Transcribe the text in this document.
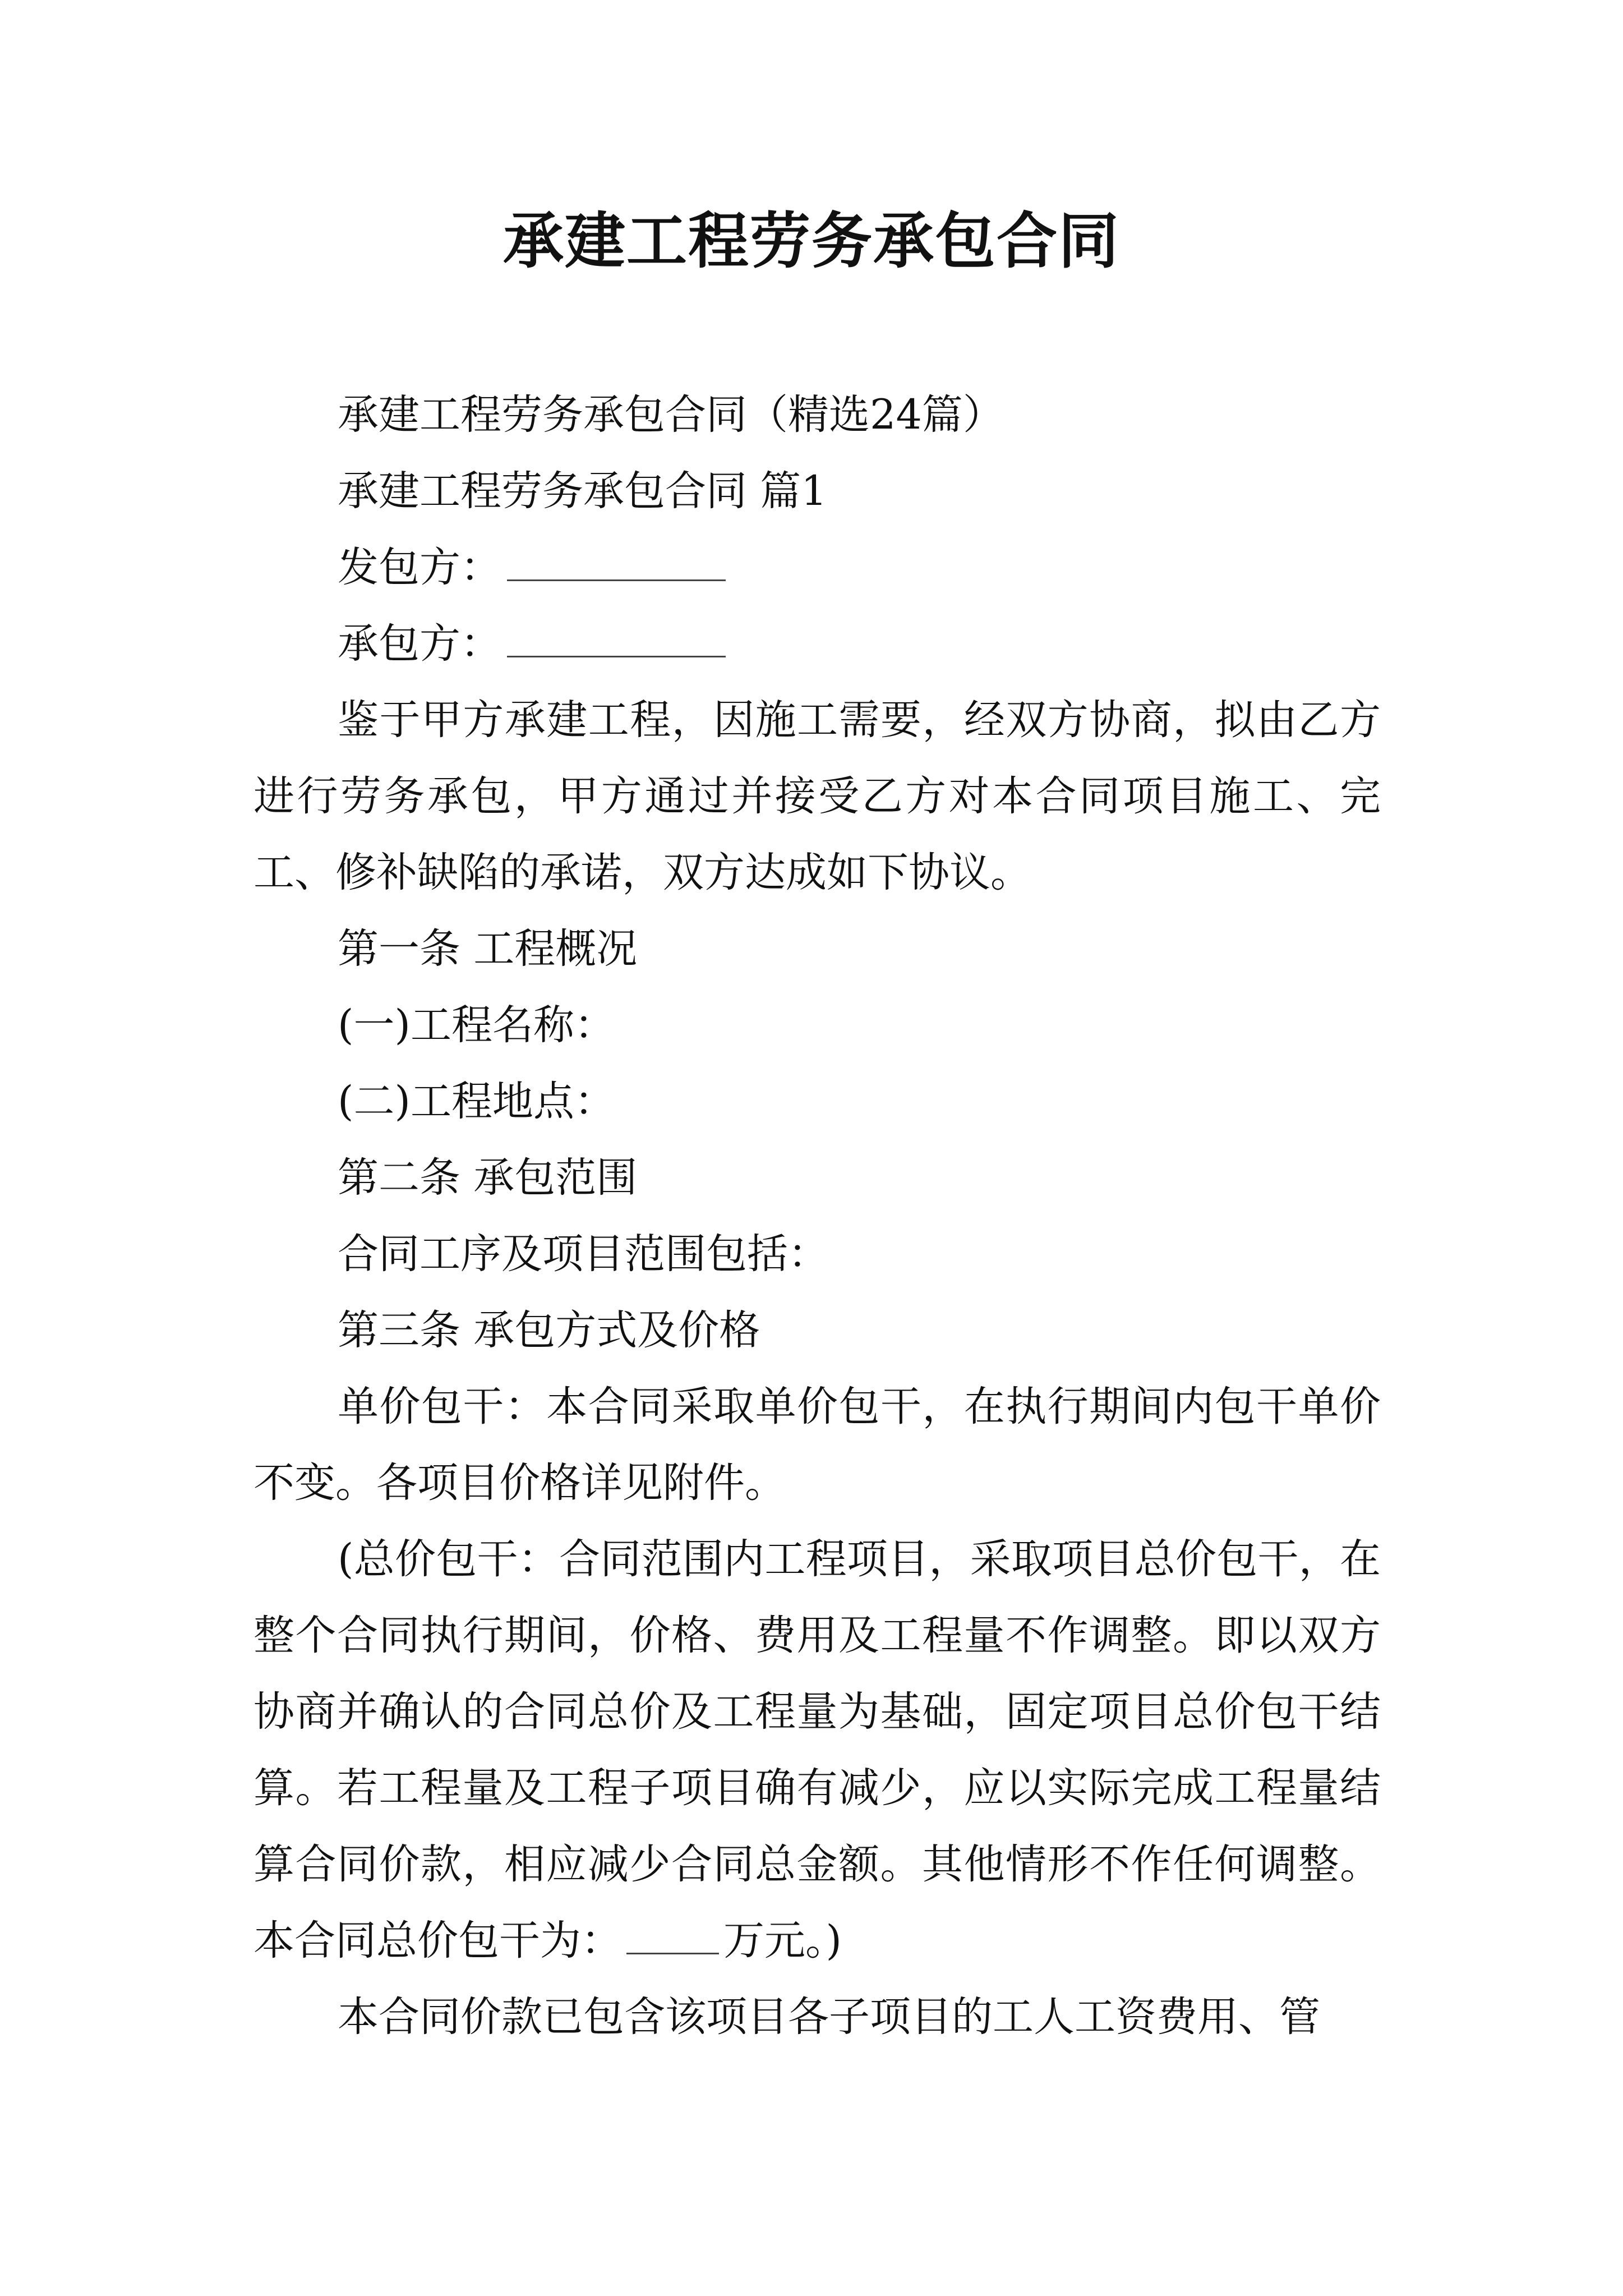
承建工程劳务承包合同

承建工程劳务承包合同（精选24篇）

承建工程劳务承包合同 篇1

发包方：

承包方：

鉴于甲方承建工程，因施工需要，经双方协商，拟由乙方进行劳务承包，甲方通过并接受乙方对本合同项目施工、完工、修补缺陷的承诺，双方达成如下协议。

第一条 工程概况

(一)工程名称：

(二)工程地点：

第二条 承包范围

合同工序及项目范围包括：

第三条 承包方式及价格

单价包干：本合同采取单价包干，在执行期间内包干单价不变。各项目价格详见附件。

(总价包干：合同范围内工程项目，采取项目总价包干，在整个合同执行期间，价格、费用及工程量不作调整。即以双方协商并确认的合同总价及工程量为基础，固定项目总价包干结算。若工程量及工程子项目确有减少，应以实际完成工程量结算合同价款，相应减少合同总金额。其他情形不作任何调整。本合同总价包干为： 万元。)

本合同价款已包含该项目各子项目的工人工资费用、管
